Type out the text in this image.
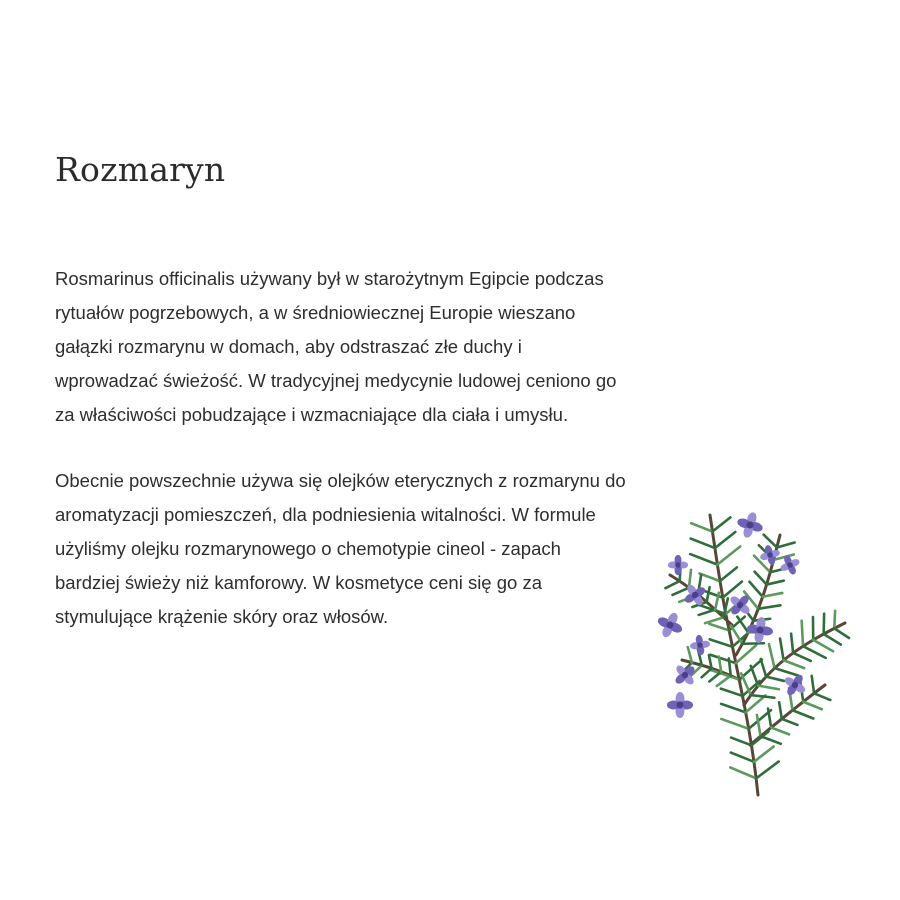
Rozmaryn

Rosmarinus officinalis używany był w starożytnym Egipcie podczas
rytuałów pogrzebowych, a w średniowiecznej Europie wieszano
gałązki rozmarynu w domach, aby odstraszać złe duchy i
wprowadzać świeżość. W tradycyjnej medycynie ludowej ceniono go
za właściwości pobudzające i wzmacniające dla ciała i umysłu.

Obecnie powszechnie używa się olejków eterycznych z rozmarynu do
aromatyzacji pomieszczeń, dla podniesienia witalności. W formule
użyliśmy olejku rozmarynowego o chemotypie cineol - zapach
bardziej świeży niż kamforowy. W kosmetyce ceni się go za
stymulujące krążenie skóry oraz włosów.
